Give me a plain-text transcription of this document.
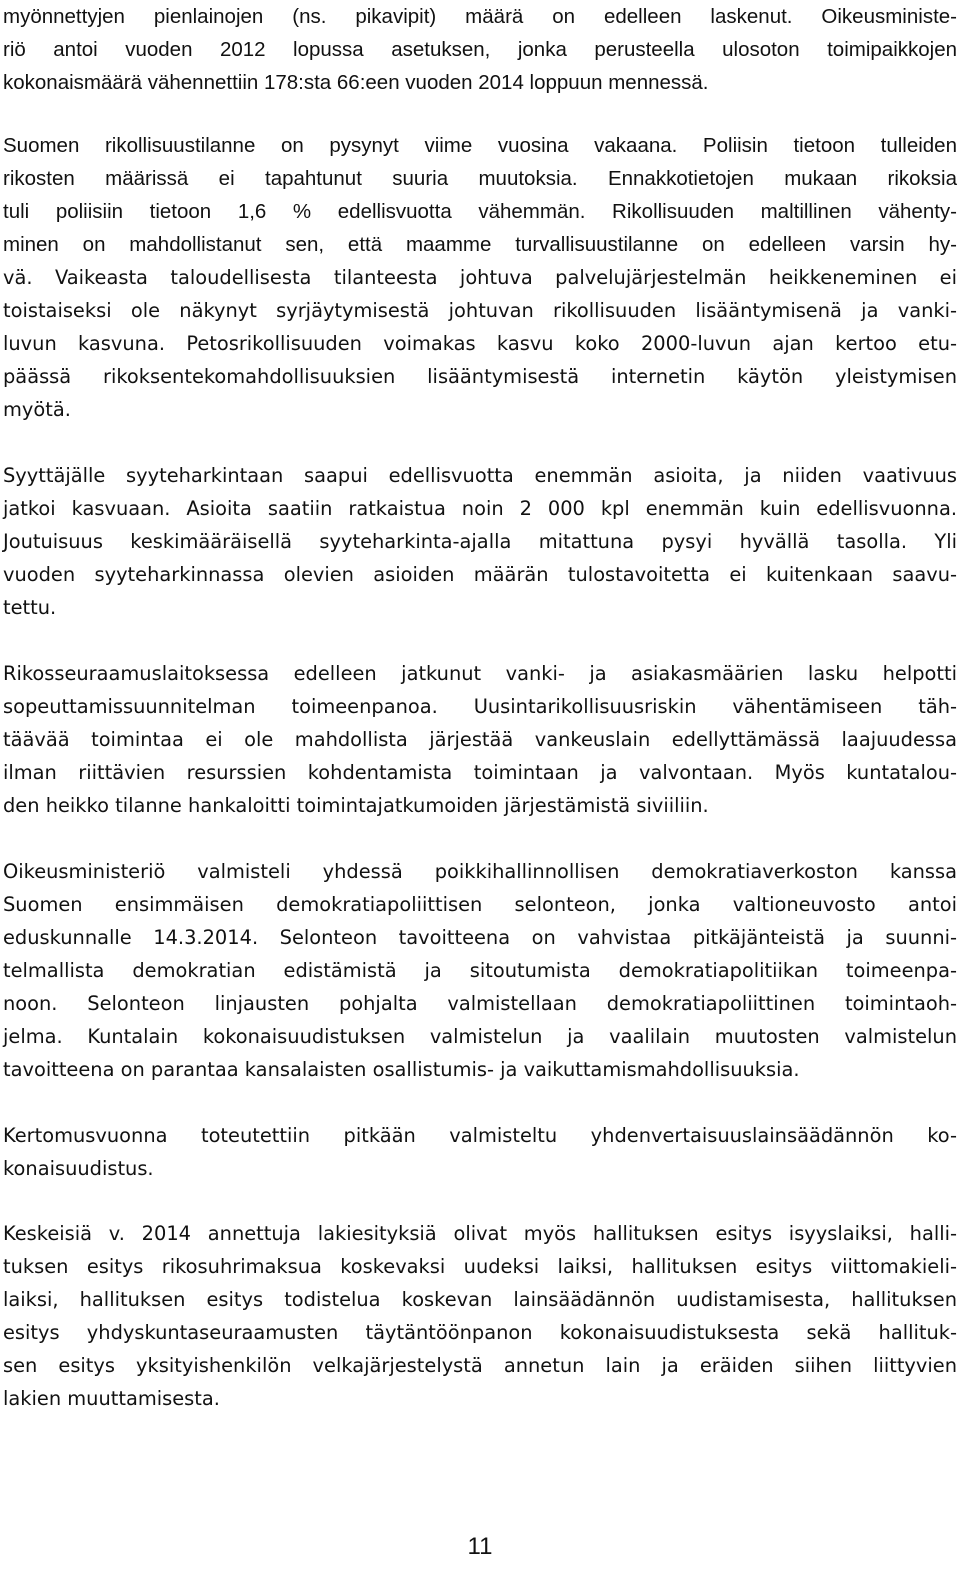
myönnettyjen pienlainojen (ns. pikavipit) määrä on edelleen laskenut. Oikeusministe-
riö antoi vuoden 2012 lopussa asetuksen, jonka perusteella ulosoton toimipaikkojen
kokonaismäärä vähennettiin 178:sta 66:een vuoden 2014 loppuun mennessä.
Suomen rikollisuustilanne on pysynyt viime vuosina vakaana. Poliisin tietoon tulleiden
rikosten määrissä ei tapahtunut suuria muutoksia. Ennakkotietojen mukaan rikoksia
tuli poliisiin tietoon 1,6 % edellisvuotta vähemmän. Rikollisuuden maltillinen vähenty-
minen on mahdollistanut sen, että maamme turvallisuustilanne on edelleen varsin hy-
vä. Vaikeasta taloudellisesta tilanteesta johtuva palvelujärjestelmän heikkeneminen ei
toistaiseksi ole näkynyt syrjäytymisestä johtuvan rikollisuuden lisääntymisenä ja vanki-
luvun kasvuna. Petosrikollisuuden voimakas kasvu koko 2000-luvun ajan kertoo etu-
päässä rikoksentekomahdollisuuksien lisääntymisestä internetin käytön yleistymisen
myötä.
Syyttäjälle syyteharkintaan saapui edellisvuotta enemmän asioita, ja niiden vaativuus
jatkoi kasvuaan. Asioita saatiin ratkaistua noin 2 000 kpl enemmän kuin edellisvuonna.
Joutuisuus keskimääräisellä syyteharkinta-ajalla mitattuna pysyi hyvällä tasolla. Yli
vuoden syyteharkinnassa olevien asioiden määrän tulostavoitetta ei kuitenkaan saavu-
tettu.
Rikosseuraamuslaitoksessa edelleen jatkunut vanki- ja asiakasmäärien lasku helpotti
sopeuttamissuunnitelman toimeenpanoa. Uusintarikollisuusriskin vähentämiseen täh-
täävää toimintaa ei ole mahdollista järjestää vankeuslain edellyttämässä laajuudessa
ilman riittävien resurssien kohdentamista toimintaan ja valvontaan. Myös kuntatalou-
den heikko tilanne hankaloitti toimintajatkumoiden järjestämistä siviiliin.
Oikeusministeriö valmisteli yhdessä poikkihallinnollisen demokratiaverkoston kanssa
Suomen ensimmäisen demokratiapoliittisen selonteon, jonka valtioneuvosto antoi
eduskunnalle 14.3.2014. Selonteon tavoitteena on vahvistaa pitkäjänteistä ja suunni-
telmallista demokratian edistämistä ja sitoutumista demokratiapolitiikan toimeenpa-
noon. Selonteon linjausten pohjalta valmistellaan demokratiapoliittinen toimintaoh-
jelma. Kuntalain kokonaisuudistuksen valmistelun ja vaalilain muutosten valmistelun
tavoitteena on parantaa kansalaisten osallistumis- ja vaikuttamismahdollisuuksia.
Kertomusvuonna toteutettiin pitkään valmisteltu yhdenvertaisuuslainsäädännön ko-
konaisuudistus.
Keskeisiä v. 2014 annettuja lakiesityksiä olivat myös hallituksen esitys isyyslaiksi, halli-
tuksen esitys rikosuhrimaksua koskevaksi uudeksi laiksi, hallituksen esitys viittomakieli-
laiksi, hallituksen esitys todistelua koskevan lainsäädännön uudistamisesta, hallituksen
esitys yhdyskuntaseuraamusten täytäntöönpanon kokonaisuudistuksesta sekä hallituk-
sen esitys yksityishenkilön velkajärjestelystä annetun lain ja eräiden siihen liittyvien
lakien muuttamisesta.
11
